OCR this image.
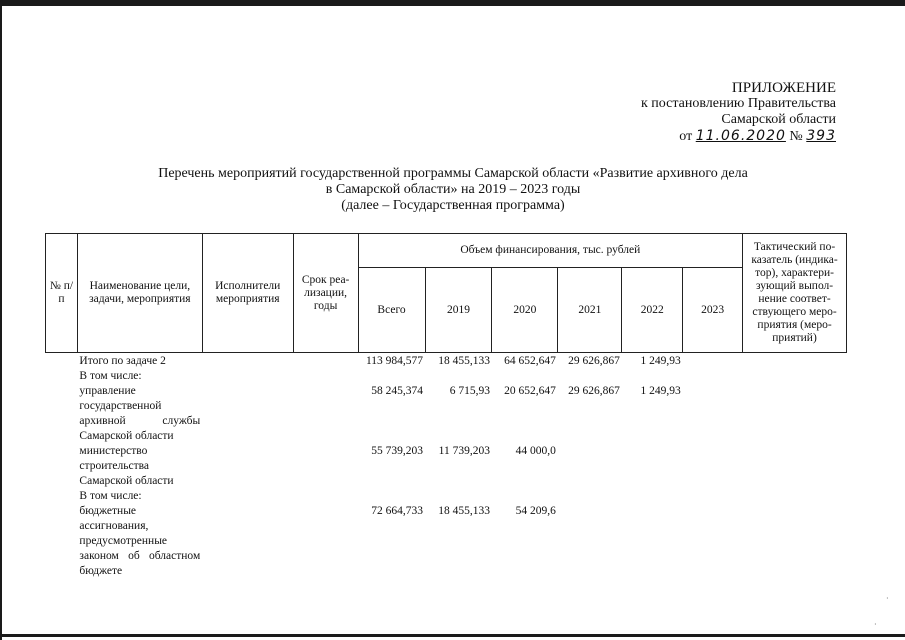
ПРИЛОЖЕНИЕ
к постановлению Правительства
Самарской области
от 11.06.2020 № 393
Перечень мероприятий государственной программы Самарской области «Развитие архивного дела
в Самарской области» на 2019 – 2023 годы
(далее – Государственная программа)
№ п/п	Наименование цели, задачи, мероприятия	Исполнители мероприятия	Срок реа-лизации, годы	Объем финансирования, тыс. рублей						Тактический по-казатель (индика-тор), характери-зующий выпол-нение соответ-ствующего меро-приятия (меро-приятий)
				Всего	2019	2020	2021	2022	2023	
	Итого по задаче 2			113 984,577	18 455,133	64 652,647	29 626,867	1 249,93		
	В том числе:									
	управление государственной архивной службы Самарской области			58 245,374	6 715,93	20 652,647	29 626,867	1 249,93		
	министерство строительства Самарской области			55 739,203	11 739,203	44 000,0				
	В том числе:									
	бюджетные ассигнования, предусмотренные законом об областном бюджете			72 664,733	18 455,133	54 209,6				
·
·
